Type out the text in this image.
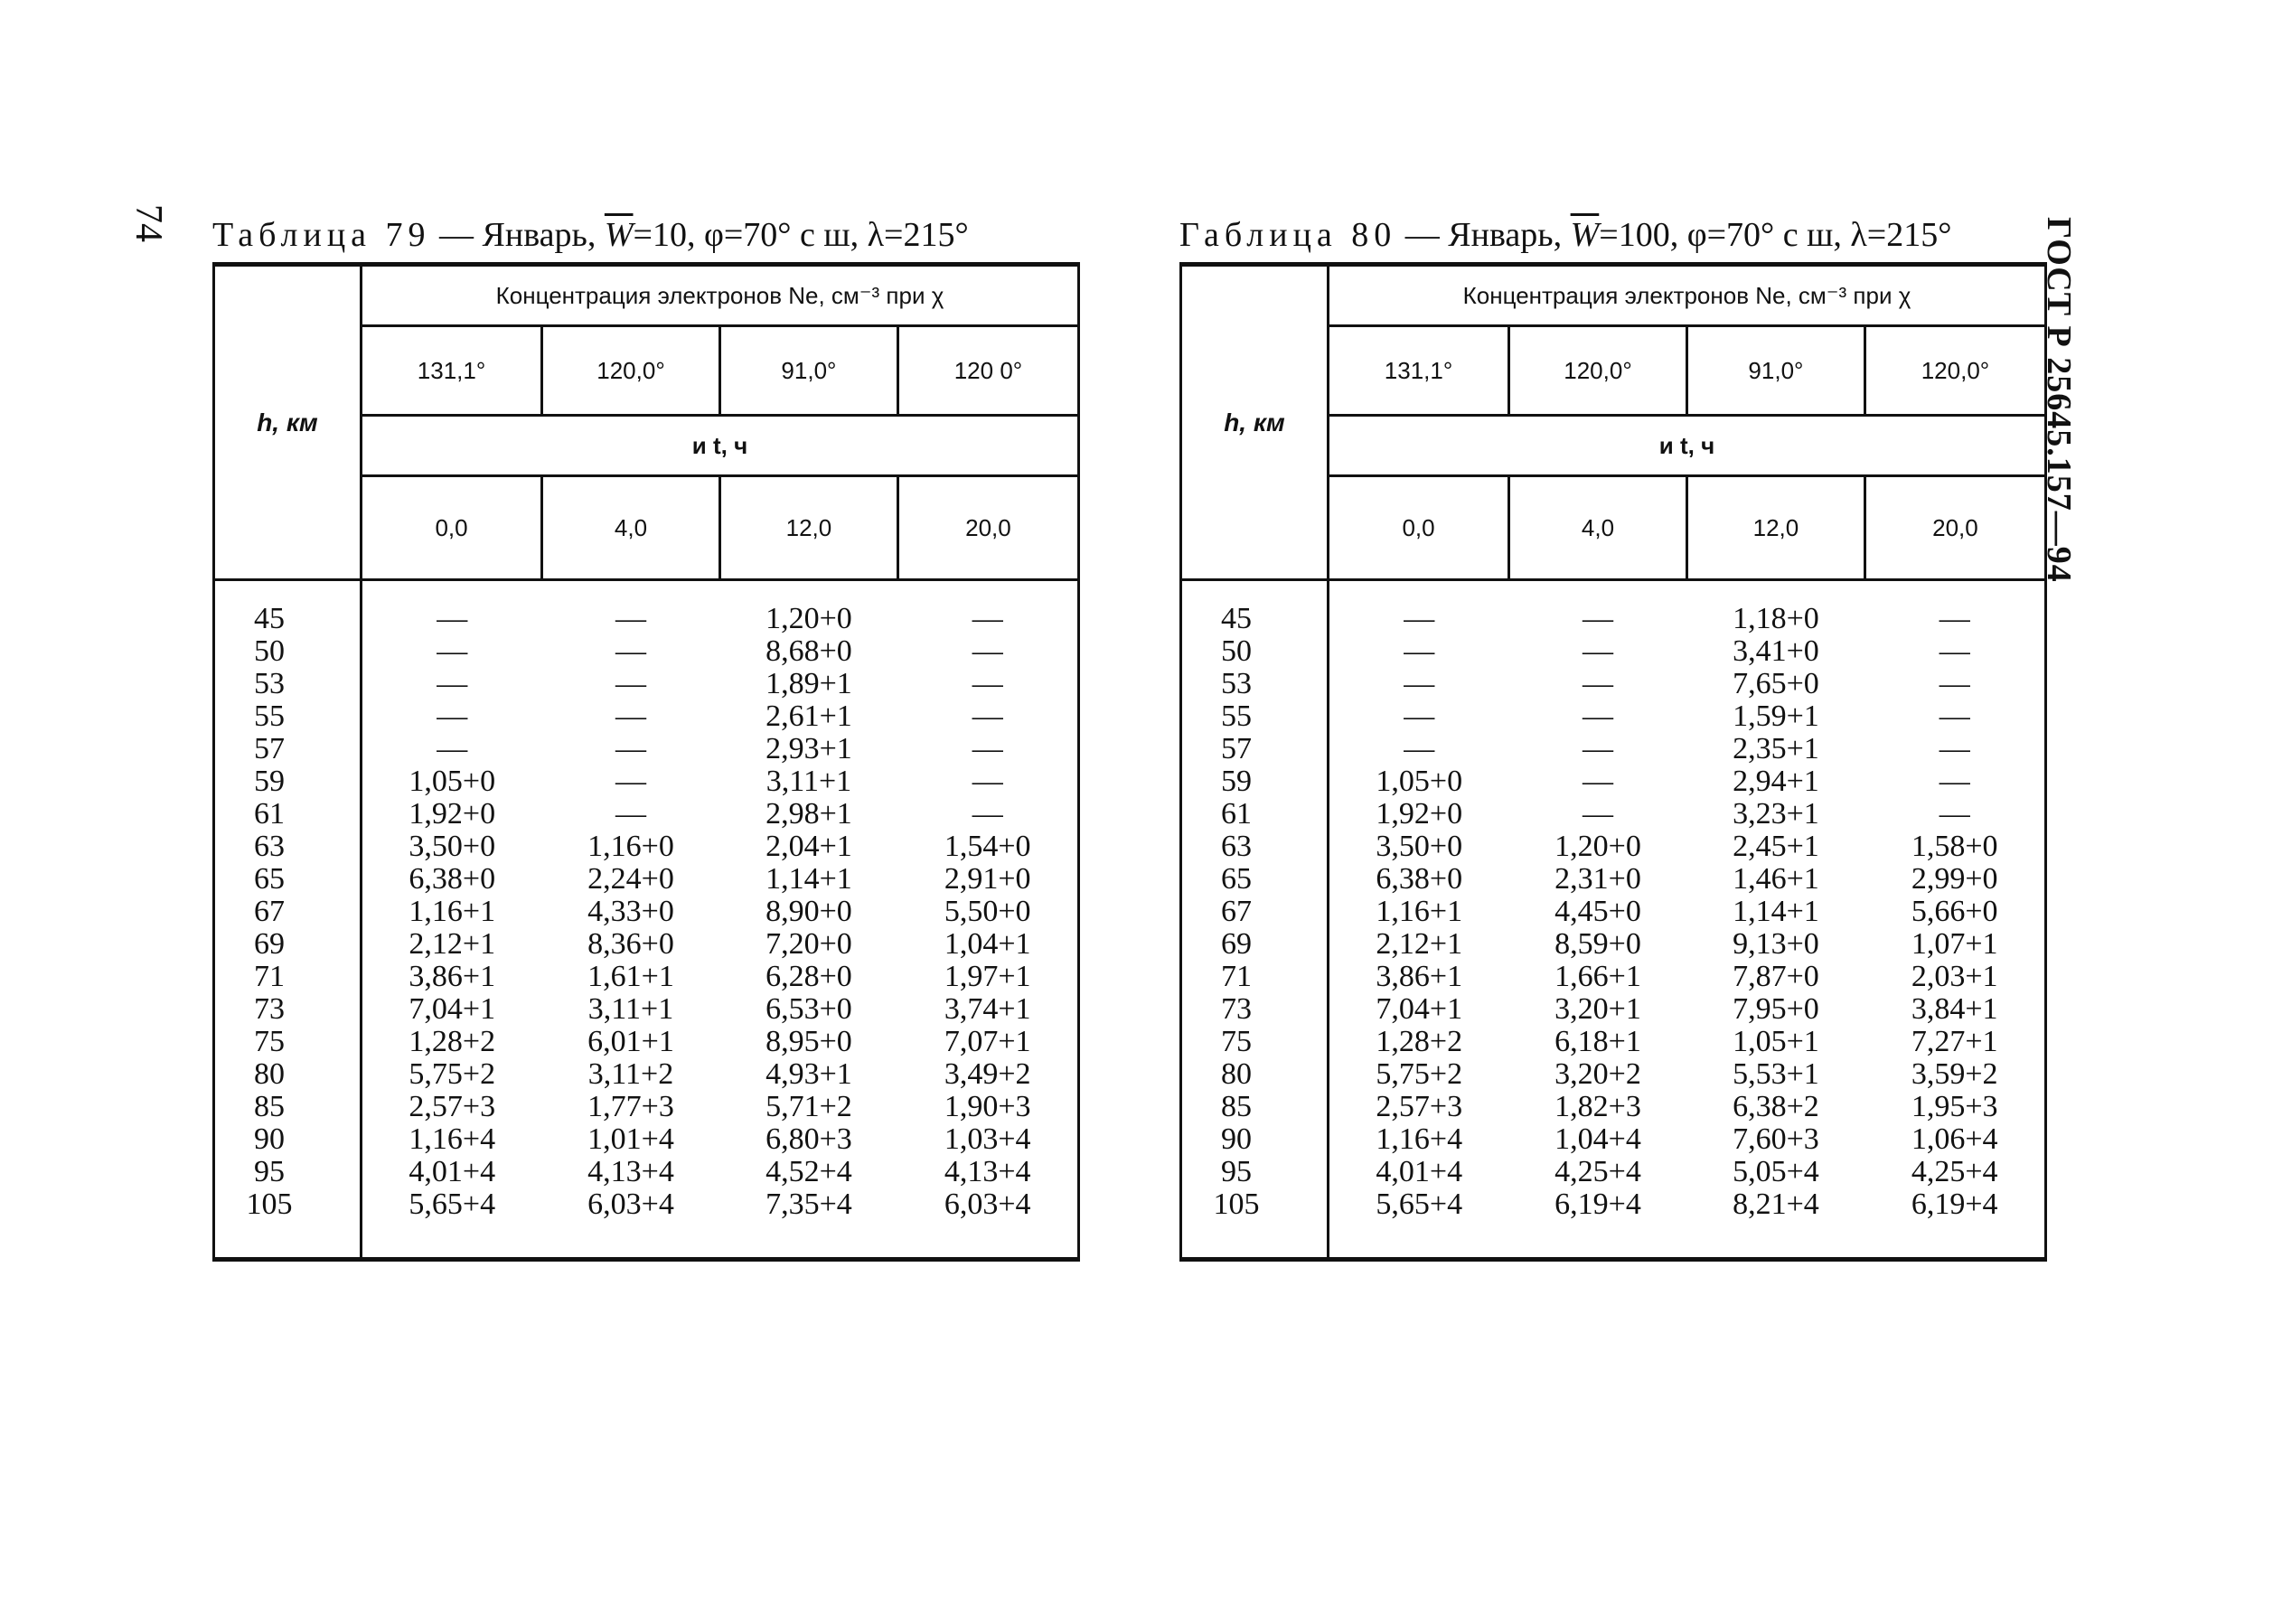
74	ГОСТ Р 25645.157—94
Таблица 79 — Январь, $\overline{W}=10$, φ=70° с ш, λ=215°
h, км	Концентрация электронов Ne, см⁻³ при χ			
	131,1°	120,0°	91,0°	120 0°
	и t, ч			
	0,0	4,0	12,0	20,0

45	—	—	1,20+0	—
50	—	—	8,68+0	—
53	—	—	1,89+1	—
55	—	—	2,61+1	—
57	—	—	2,93+1	—
59	1,05+0	—	3,11+1	—
61	1,92+0	—	2,98+1	—
63	3,50+0	1,16+0	2,04+1	1,54+0
65	6,38+0	2,24+0	1,14+1	2,91+0
67	1,16+1	4,33+0	8,90+0	5,50+0
69	2,12+1	8,36+0	7,20+0	1,04+1
71	3,86+1	1,61+1	6,28+0	1,97+1
73	7,04+1	3,11+1	6,53+0	3,74+1
75	1,28+2	6,01+1	8,95+0	7,07+1
80	5,75+2	3,11+2	4,93+1	3,49+2
85	2,57+3	1,77+3	5,71+2	1,90+3
90	1,16+4	1,01+4	6,80+3	1,03+4
95	4,01+4	4,13+4	4,52+4	4,13+4
105	5,65+4	6,03+4	7,35+4	6,03+4

Габлица 80 — Январь, $\overline{W}=100$, φ=70° с ш, λ=215°
h, км	Концентрация электронов Ne, см⁻³ при χ			
	131,1°	120,0°	91,0°	120,0°
	и t, ч			
	0,0	4,0	12,0	20,0

45	—	—	1,18+0	—
50	—	—	3,41+0	—
53	—	—	7,65+0	—
55	—	—	1,59+1	—
57	—	—	2,35+1	—
59	1,05+0	—	2,94+1	—
61	1,92+0	—	3,23+1	—
63	3,50+0	1,20+0	2,45+1	1,58+0
65	6,38+0	2,31+0	1,46+1	2,99+0
67	1,16+1	4,45+0	1,14+1	5,66+0
69	2,12+1	8,59+0	9,13+0	1,07+1
71	3,86+1	1,66+1	7,87+0	2,03+1
73	7,04+1	3,20+1	7,95+0	3,84+1
75	1,28+2	6,18+1	1,05+1	7,27+1
80	5,75+2	3,20+2	5,53+1	3,59+2
85	2,57+3	1,82+3	6,38+2	1,95+3
90	1,16+4	1,04+4	7,60+3	1,06+4
95	4,01+4	4,25+4	5,05+4	4,25+4
105	5,65+4	6,19+4	8,21+4	6,19+4
